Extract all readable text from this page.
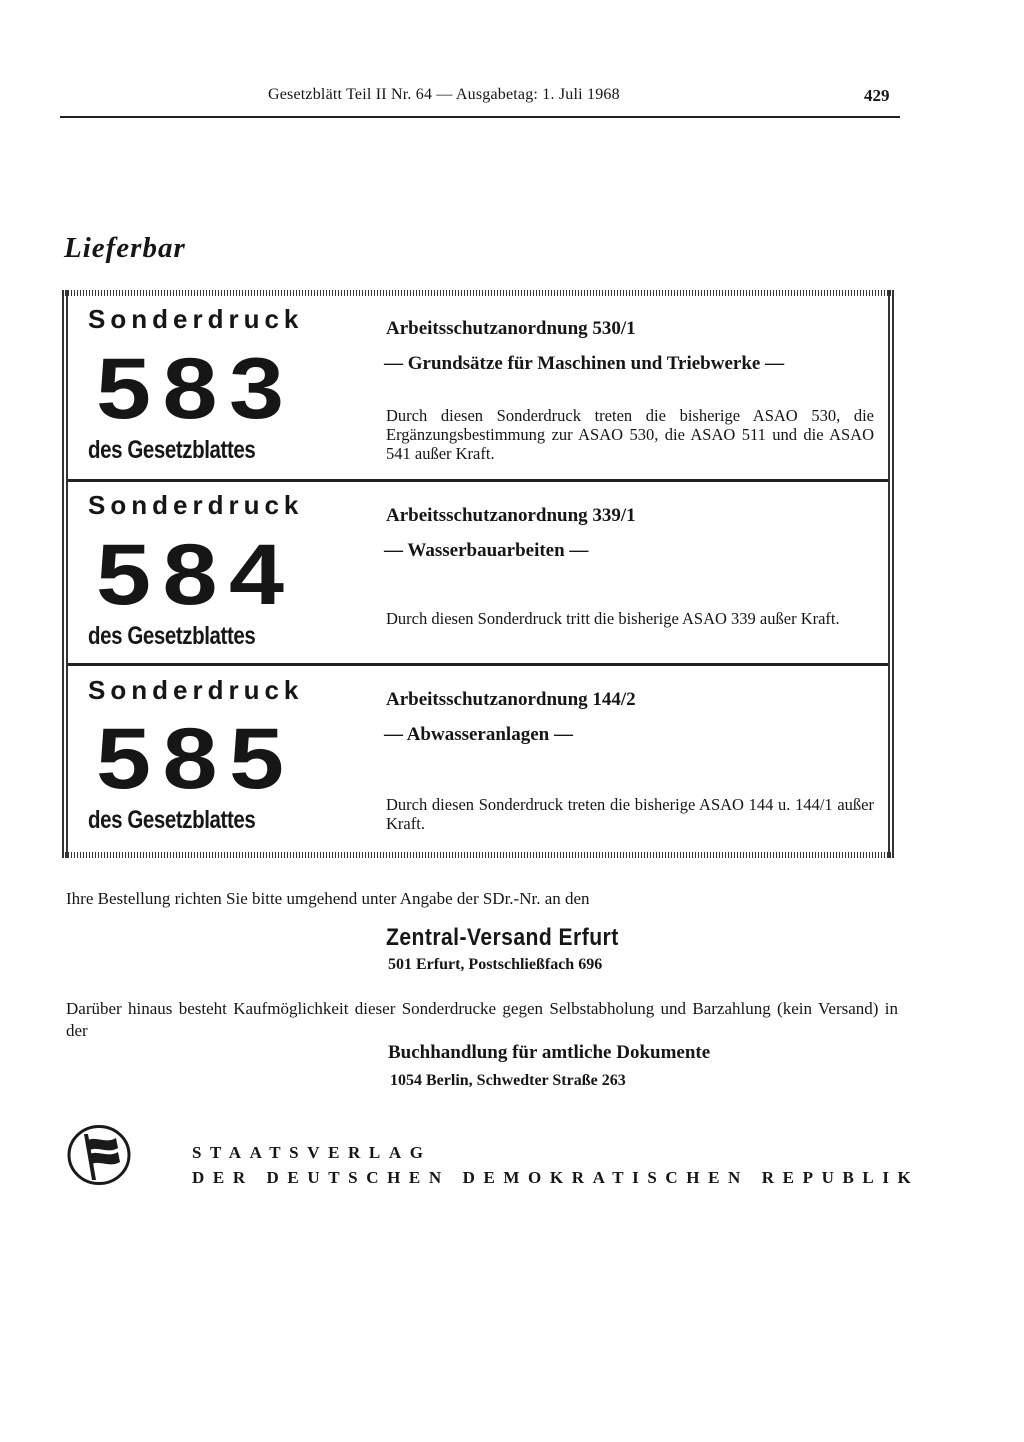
Gesetzblätt Teil II Nr. 64 — Ausgabetag: 1. Juli 1968	429
Lieferbar
Sonderdruck
583
des Gesetzblattes
Arbeitsschutzanordnung 530/1
— Grundsätze für Maschinen und Triebwerke —
Durch diesen Sonderdruck treten die bisherige ASAO 530, die Ergänzungsbestimmung zur ASAO 530, die ASAO 511 und die ASAO 541 außer Kraft.
Sonderdruck
584
des Gesetzblattes
Arbeitsschutzanordnung 339/1
— Wasserbauarbeiten —
Durch diesen Sonderdruck tritt die bisherige ASAO 339 außer Kraft.
Sonderdruck
585
des Gesetzblattes
Arbeitsschutzanordnung 144/2
— Abwasseranlagen —
Durch diesen Sonderdruck treten die bisherige ASAO 144 u. 144/1 außer Kraft.
Ihre Bestellung richten Sie bitte umgehend unter Angabe der SDr.-Nr. an den
Zentral-Versand Erfurt
501 Erfurt, Postschließfach 696
Darüber hinaus besteht Kaufmöglichkeit dieser Sonderdrucke gegen Selbstabholung und Barzahlung (kein Versand) in der
Buchhandlung für amtliche Dokumente
1054 Berlin, Schwedter Straße 263
STAATSVERLAG
DER DEUTSCHEN DEMOKRATISCHEN REPUBLIK
